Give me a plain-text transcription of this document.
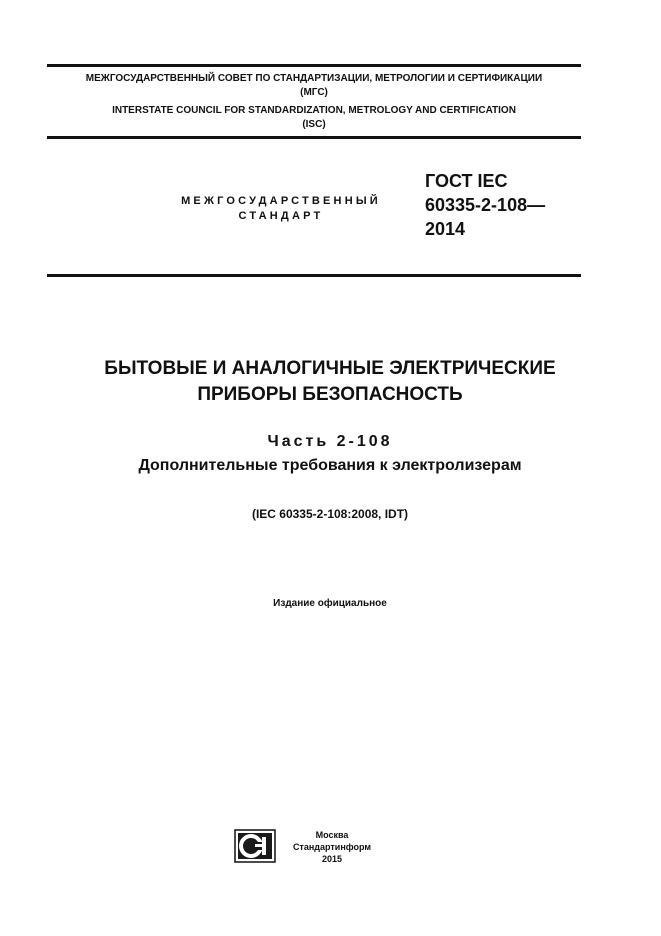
МЕЖГОСУДАРСТВЕННЫЙ СОВЕТ ПО СТАНДАРТИЗАЦИИ, МЕТРОЛОГИИ И СЕРТИФИКАЦИИ
(МГС)
INTERSTATE COUNCIL FOR STANDARDIZATION, METROLOGY AND CERTIFICATION
(ISC)
МЕЖГОСУДАРСТВЕННЫЙ
СТАНДАРТ
ГОСТ IEC
60335-2-108—
2014
БЫТОВЫЕ И АНАЛОГИЧНЫЕ ЭЛЕКТРИЧЕСКИЕ
ПРИБОРЫ БЕЗОПАСНОСТЬ
Часть 2-108
Дополнительные требования к электролизерам
(IEC 60335-2-108:2008, IDT)
Издание официальное
Москва
Стандартинформ
2015
